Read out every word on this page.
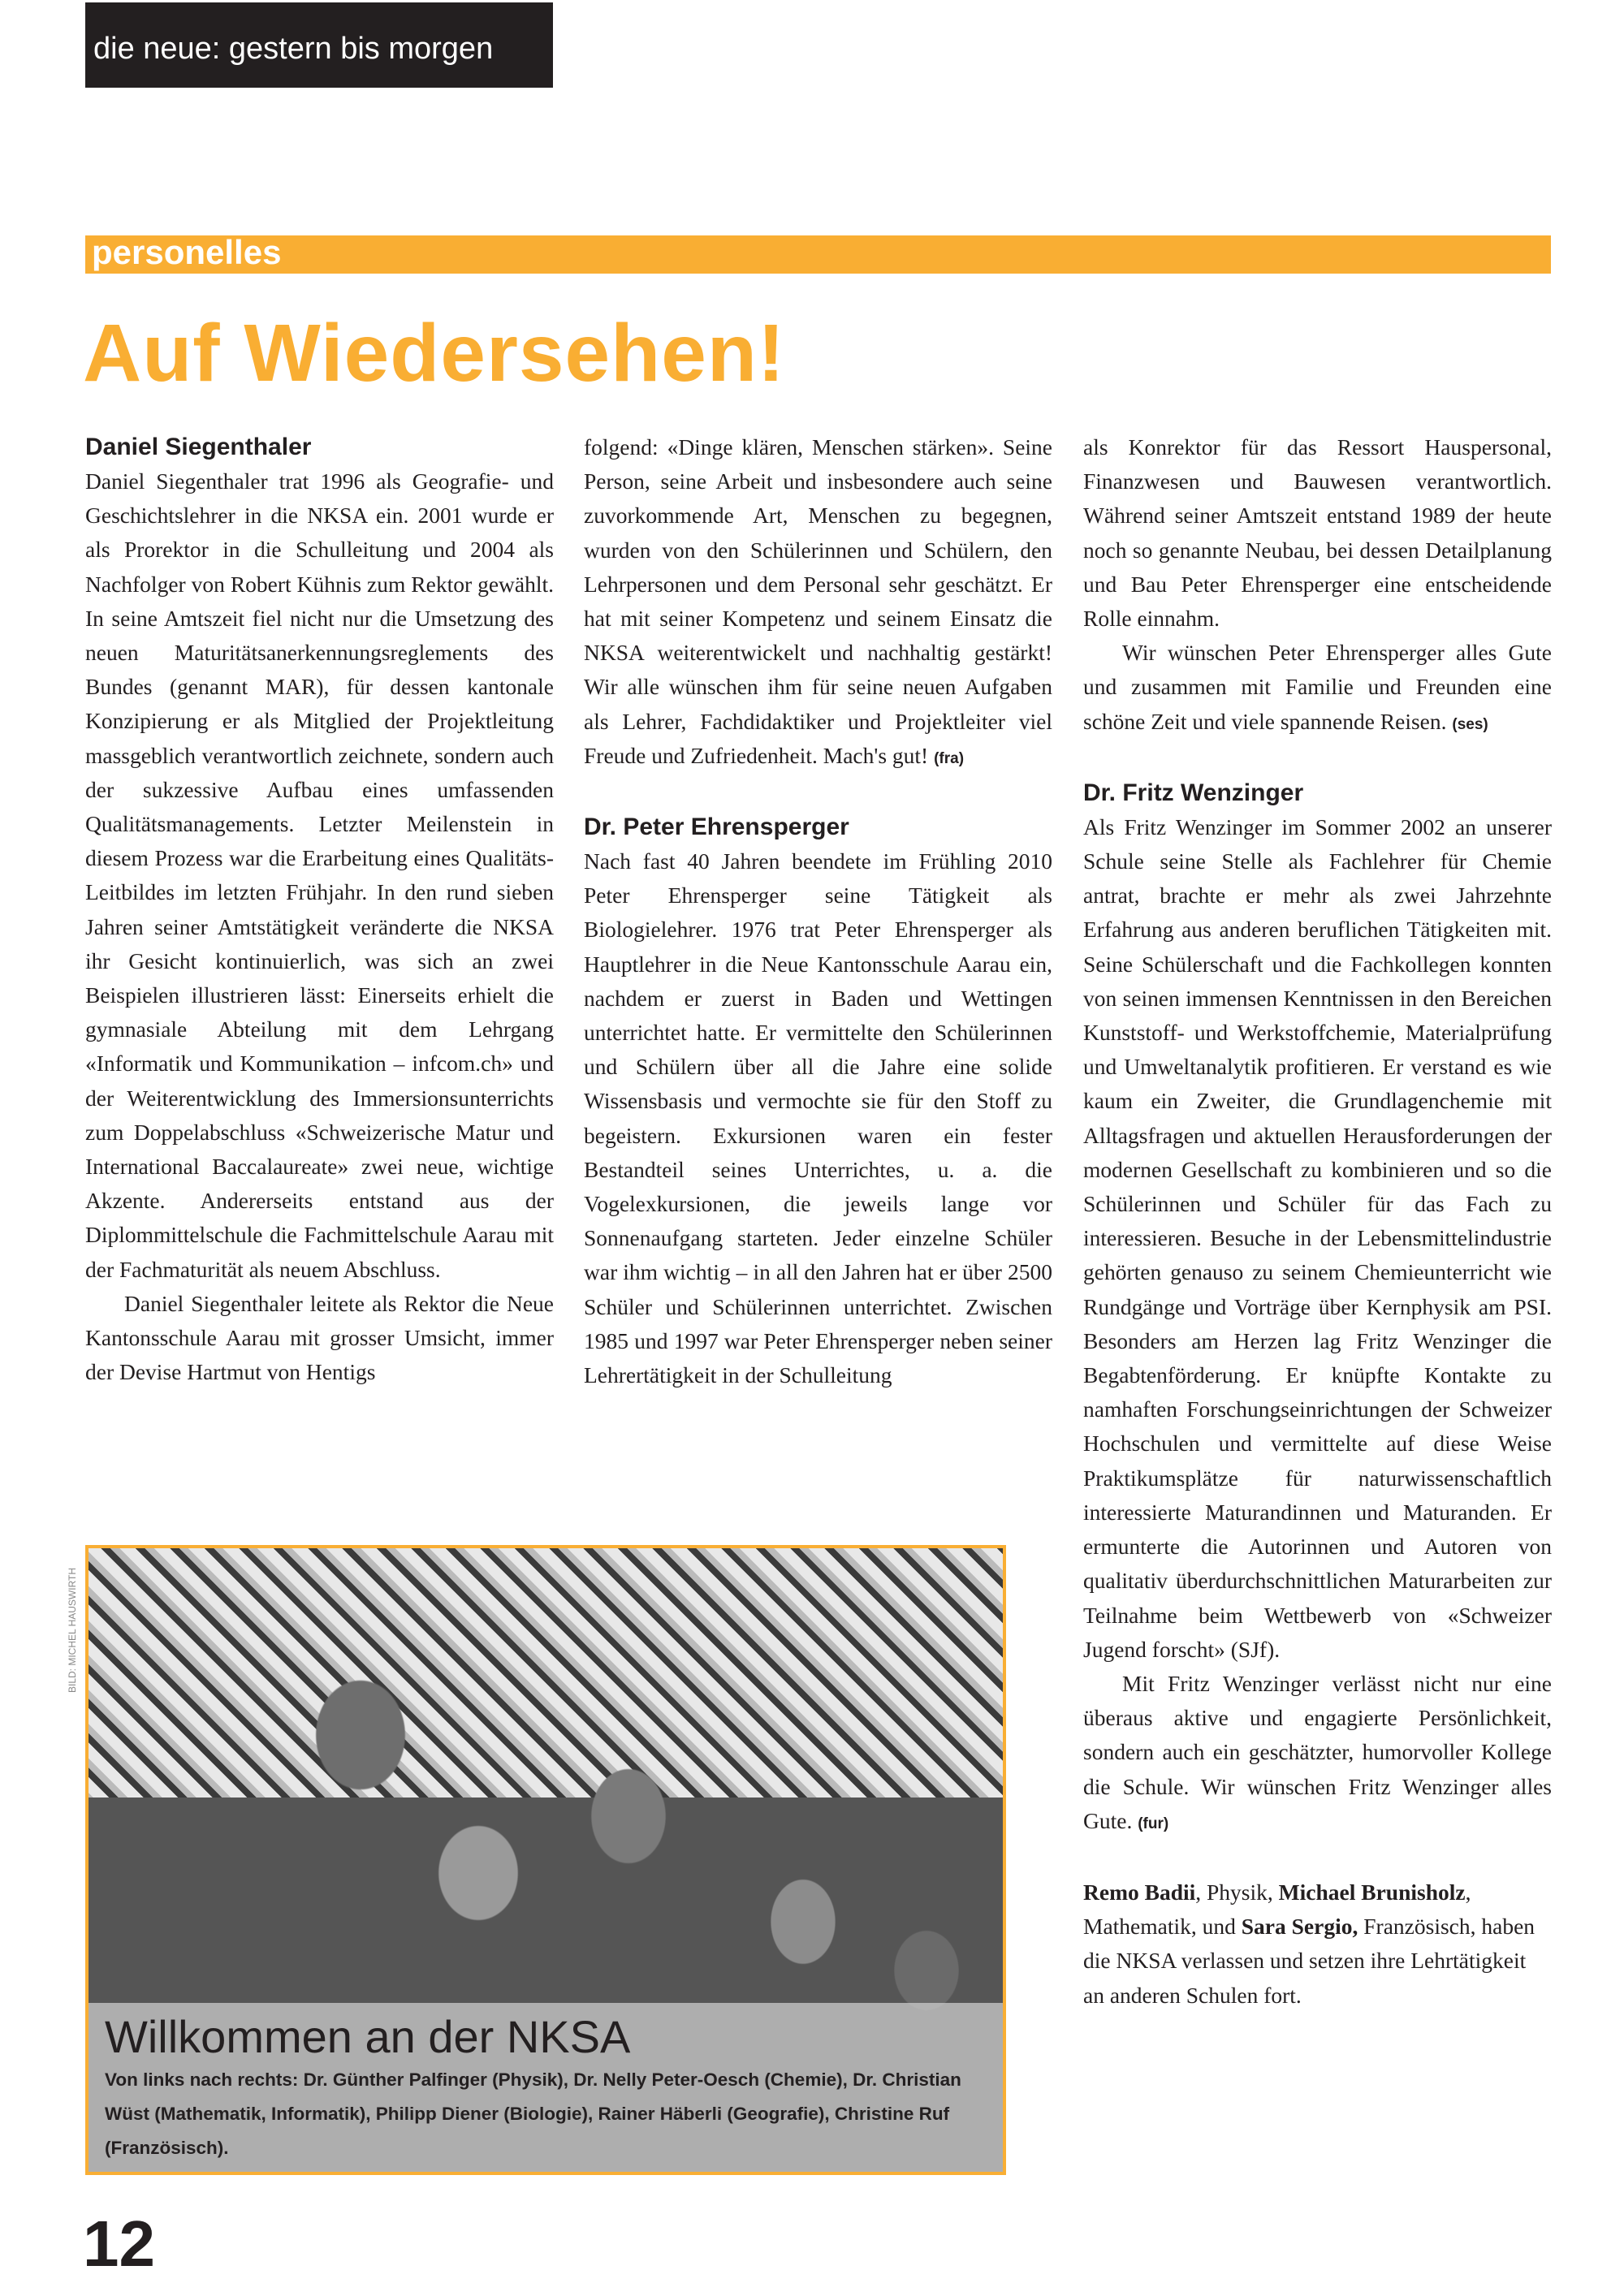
die neue: gestern bis morgen
personelles
Auf Wiedersehen!
Daniel Siegenthaler

Daniel Siegenthaler trat 1996 als Geografie- und Geschichtslehrer in die NKSA ein. 2001 wurde er als Prorektor in die Schulleitung und 2004 als Nachfolger von Robert Kühnis zum Rektor gewählt. In seine Amtszeit fiel nicht nur die Umsetzung des neuen Maturitätsanerkennungsreglements des Bundes (genannt MAR), für dessen kantonale Konzipierung er als Mitglied der Projektleitung massgeblich verantwortlich zeichnete, sondern auch der sukzessive Aufbau eines umfassenden Qualitätsmanagements. Letzter Meilenstein in diesem Prozess war die Erarbeitung eines Qualitäts-Leitbildes im letzten Frühjahr. In den rund sieben Jahren seiner Amtstätigkeit veränderte die NKSA ihr Gesicht kontinuierlich, was sich an zwei Beispielen illustrieren lässt: Einerseits erhielt die gymnasiale Abteilung mit dem Lehrgang «Informatik und Kommunikation – infcom.ch» und der Weiterentwicklung des Immersionsunterrichts zum Doppelabschluss «Schweizerische Matur und International Baccalaureate» zwei neue, wichtige Akzente. Andererseits entstand aus der Diplommittelschule die Fachmittelschule Aarau mit der Fachmaturität als neuem Abschluss.

Daniel Siegenthaler leitete als Rektor die Neue Kantonsschule Aarau mit grosser Umsicht, immer der Devise Hartmut von Hentigs

folgend: «Dinge klären, Menschen stärken». Seine Person, seine Arbeit und insbesondere auch seine zuvorkommende Art, Menschen zu begegnen, wurden von den Schülerinnen und Schülern, den Lehrpersonen und dem Personal sehr geschätzt. Er hat mit seiner Kompetenz und seinem Einsatz die NKSA weiterentwickelt und nachhaltig gestärkt! Wir alle wünschen ihm für seine neuen Aufgaben als Lehrer, Fachdidaktiker und Projektleiter viel Freude und Zufriedenheit. Mach's gut! (fra)

Dr. Peter Ehrensperger

Nach fast 40 Jahren beendete im Frühling 2010 Peter Ehrensperger seine Tätigkeit als Biologielehrer. 1976 trat Peter Ehrensperger als Hauptlehrer in die Neue Kantonsschule Aarau ein, nachdem er zuerst in Baden und Wettingen unterrichtet hatte. Er vermittelte den Schülerinnen und Schülern über all die Jahre eine solide Wissensbasis und vermochte sie für den Stoff zu begeistern. Exkursionen waren ein fester Bestandteil seines Unterrichtes, u. a. die Vogelexkursionen, die jeweils lange vor Sonnenaufgang starteten. Jeder einzelne Schüler war ihm wichtig – in all den Jahren hat er über 2500 Schüler und Schülerinnen unterrichtet. Zwischen 1985 und 1997 war Peter Ehrensperger neben seiner Lehrertätigkeit in der Schulleitung

als Konrektor für das Ressort Hauspersonal, Finanzwesen und Bauwesen verantwortlich. Während seiner Amtszeit entstand 1989 der heute noch so genannte Neubau, bei dessen Detailplanung und Bau Peter Ehrensperger eine entscheidende Rolle einnahm.

Wir wünschen Peter Ehrensperger alles Gute und zusammen mit Familie und Freunden eine schöne Zeit und viele spannende Reisen. (ses)

Dr. Fritz Wenzinger

Als Fritz Wenzinger im Sommer 2002 an unserer Schule seine Stelle als Fachlehrer für Chemie antrat, brachte er mehr als zwei Jahrzehnte Erfahrung aus anderen beruflichen Tätigkeiten mit. Seine Schülerschaft und die Fachkollegen konnten von seinen immensen Kenntnissen in den Bereichen Kunststoff- und Werkstoffchemie, Materialprüfung und Umweltanalytik profitieren. Er verstand es wie kaum ein Zweiter, die Grundlagenchemie mit Alltagsfragen und aktuellen Herausforderungen der modernen Gesellschaft zu kombinieren und so die Schülerinnen und Schüler für das Fach zu interessieren. Besuche in der Lebensmittelindustrie gehörten genauso zu seinem Chemieunterricht wie Rundgänge und Vorträge über Kernphysik am PSI. Besonders am Herzen lag Fritz Wenzinger die Begabtenförderung. Er knüpfte Kontakte zu namhaften Forschungseinrichtungen der Schweizer Hochschulen und vermittelte auf diese Weise Praktikumsplätze für naturwissenschaftlich interessierte Maturandinnen und Maturanden. Er ermunterte die Autorinnen und Autoren von qualitativ überdurchschnittlichen Maturarbeiten zur Teilnahme beim Wettbewerb von «Schweizer Jugend forscht» (SJf).

Mit Fritz Wenzinger verlässt nicht nur eine überaus aktive und engagierte Persönlichkeit, sondern auch ein geschätzter, humorvoller Kollege die Schule. Wir wünschen Fritz Wenzinger alles Gute. (fur)

Remo Badii, Physik, Michael Brunisholz, Mathematik, und Sara Sergio, Französisch, haben die NKSA verlassen und setzen ihre Lehrtätigkeit an anderen Schulen fort.

BILD: MICHEL HAUSWIRTH
Willkommen an der NKSA
Von links nach rechts: Dr. Günther Palfinger (Physik), Dr. Nelly Peter-Oesch (Chemie), Dr. Christian Wüst (Mathematik, Informatik), Philipp Diener (Biologie), Rainer Häberli (Geografie), Christine Ruf (Französisch).
12
